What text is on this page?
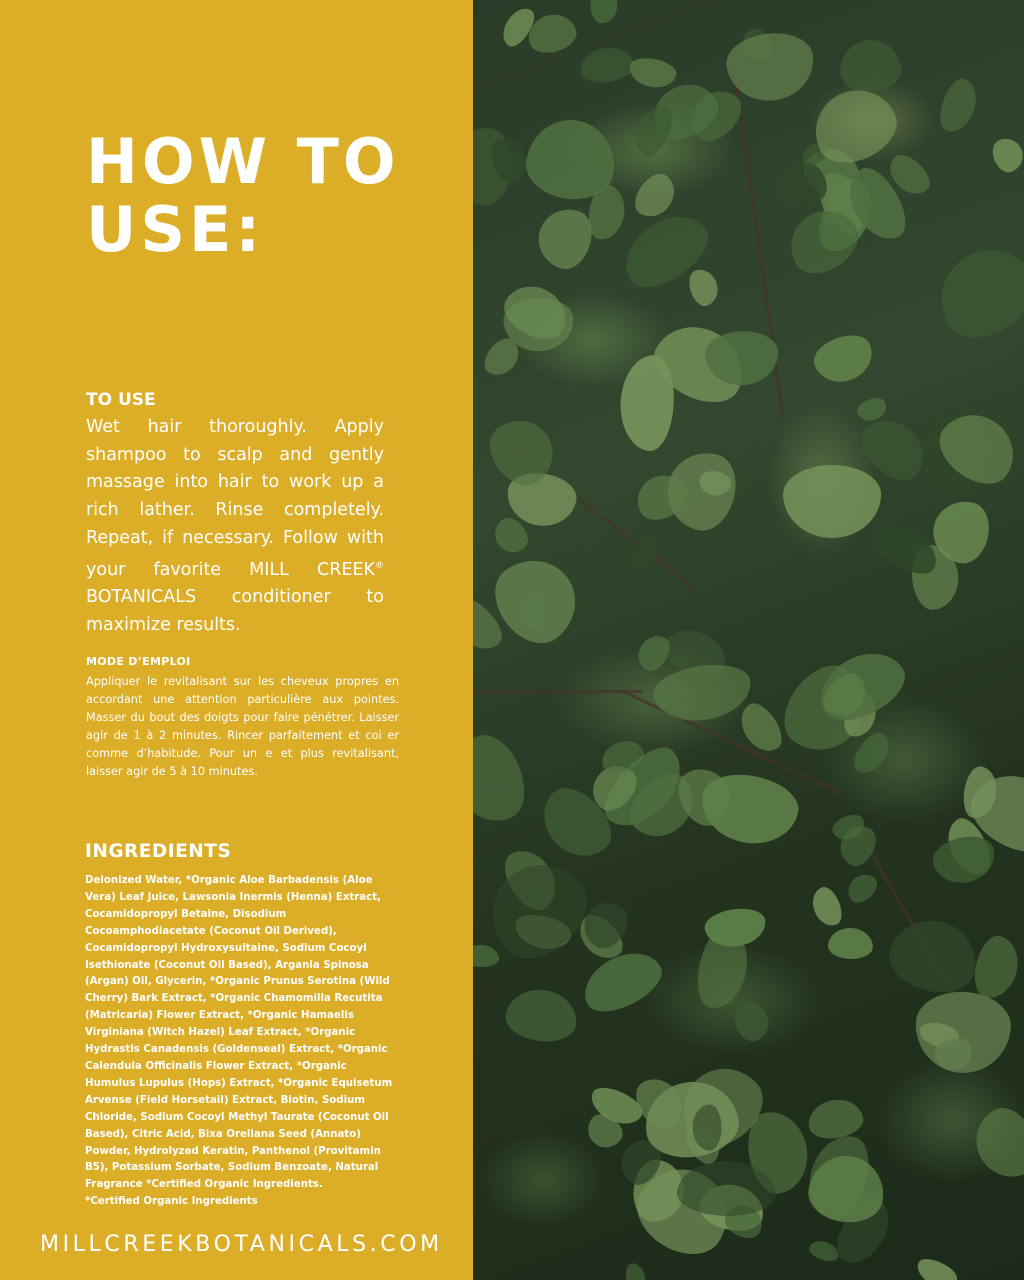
HOW TO
USE:
TO USE

Wet hair thoroughly. Apply shampoo to scalp and gently massage into hair to work up a rich lather. Rinse completely. Repeat, if necessary. Follow with your favorite MILL CREEK® BOTANICALS conditioner to maximize results.

MODE D’EMPLOI

Appliquer le revitalisant sur les cheveux propres en accordant une attention particulière aux pointes. Masser du bout des doigts pour faire pénétrer. Laisser agir de 1 à 2 minutes. Rincer parfaitement et coi er comme d’habitude. Pour un e et plus revitalisant, laisser agir de 5 à 10 minutes.

INGREDIENTS

Deionized Water, *Organic Aloe Barbadensis (Aloe Vera) Leaf Juice, Lawsonia Inermis (Henna) Extract, Cocamidopropyl Betaine, Disodium Cocoamphodiacetate (Coconut Oil Derived), Cocamidopropyl Hydroxysultaine, Sodium Cocoyl Isethionate (Coconut Oil Based), Argania Spinosa (Argan) Oil, Glycerin, *Organic Prunus Serotina (Wild Cherry) Bark Extract, *Organic Chamomilla Recutita (Matricaria) Flower Extract, *Organic Hamaelis Virginiana (Witch Hazel) Leaf Extract, *Organic Hydrastis Canadensis (Goldenseal) Extract, *Organic Calendula Officinalis Flower Extract, *Organic Humulus Lupulus (Hops) Extract, *Organic Equisetum Arvense (Field Horsetail) Extract, Biotin, Sodium Chloride, Sodium Cocoyl Methyl Taurate (Coconut Oil Based), Citric Acid, Bixa Orellana Seed (Annato) Powder, Hydrolyzed Keratin, Panthenol (Provitamin B5), Potassium Sorbate, Sodium Benzoate, Natural Fragrance *Certified Organic Ingredients.
*Certified Organic Ingredients

MILLCREEKBOTANICALS.COM
